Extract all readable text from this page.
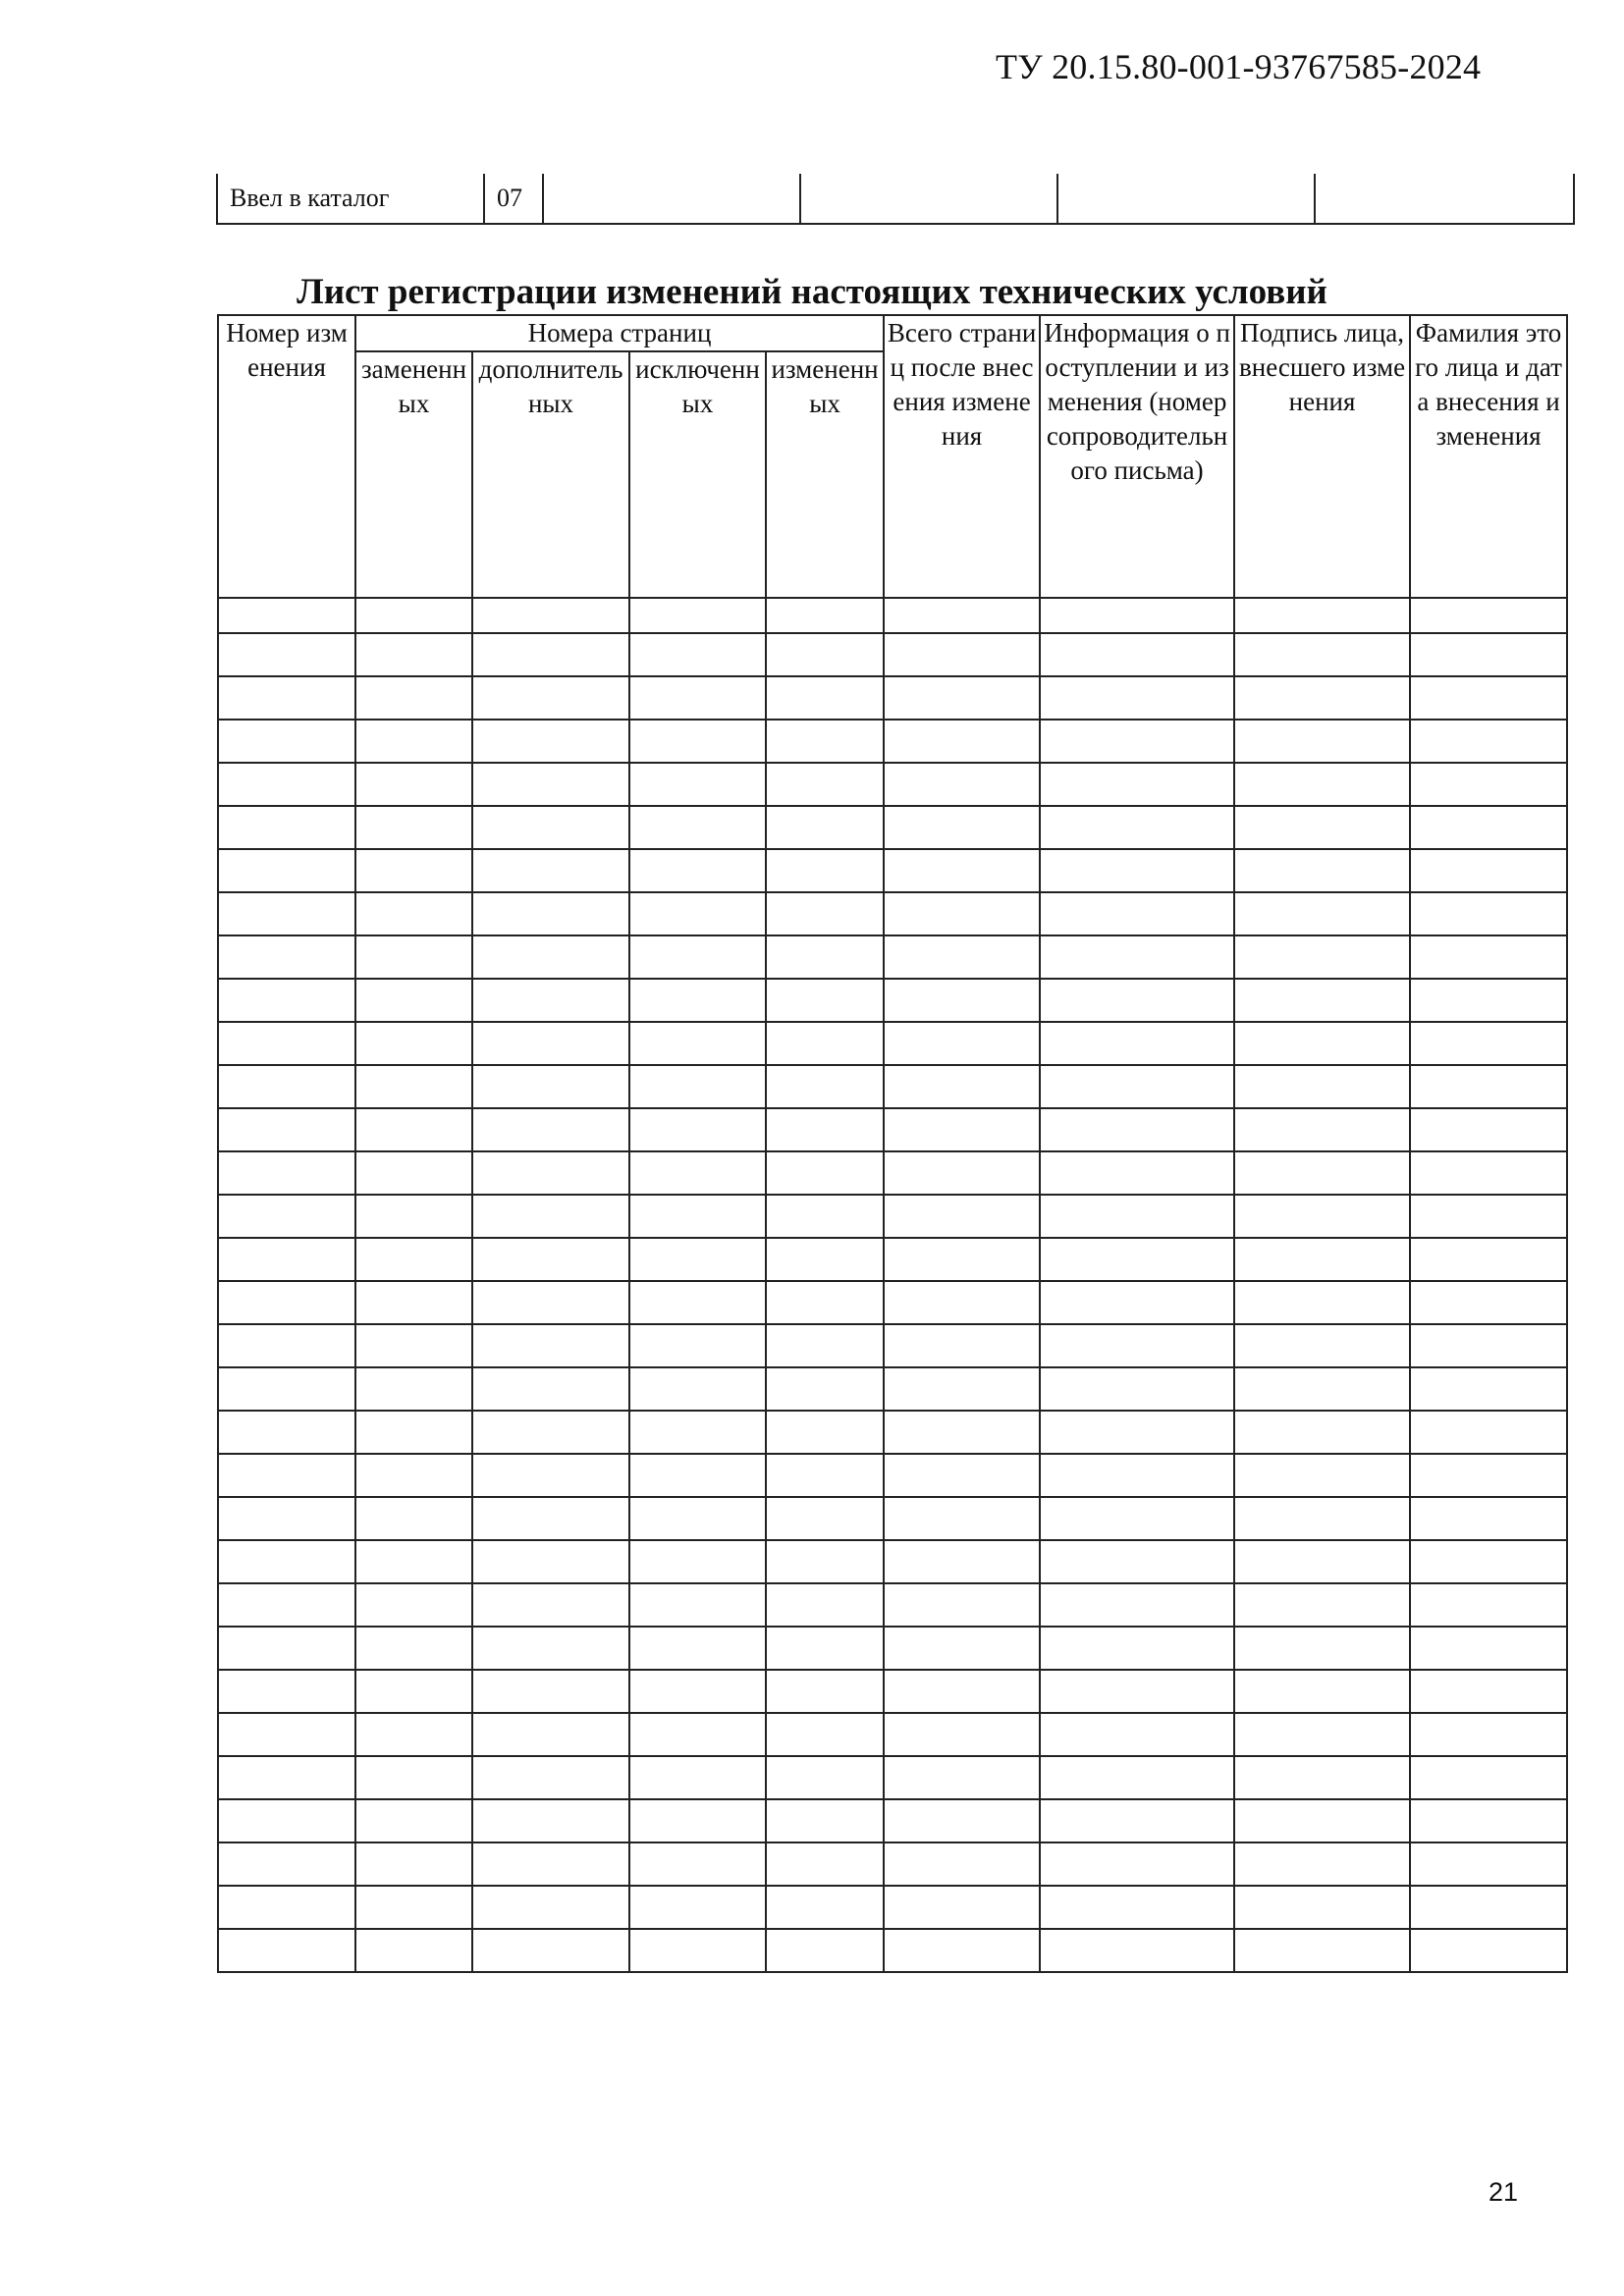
ТУ 20.15.80-001-93767585-2024
Ввел в каталог	07				
Лист регистрации изменений настоящих технических условий
Номер изменения	Номера страниц				Всего страниц после внесения изменения	Информация о поступлении и изменения (номер сопроводительного письма)	Подпись лица, внесшего изменения	Фамилия этого лица и дата внесения изменения
	замененных	дополнительных	исключенных	измененных				

21
